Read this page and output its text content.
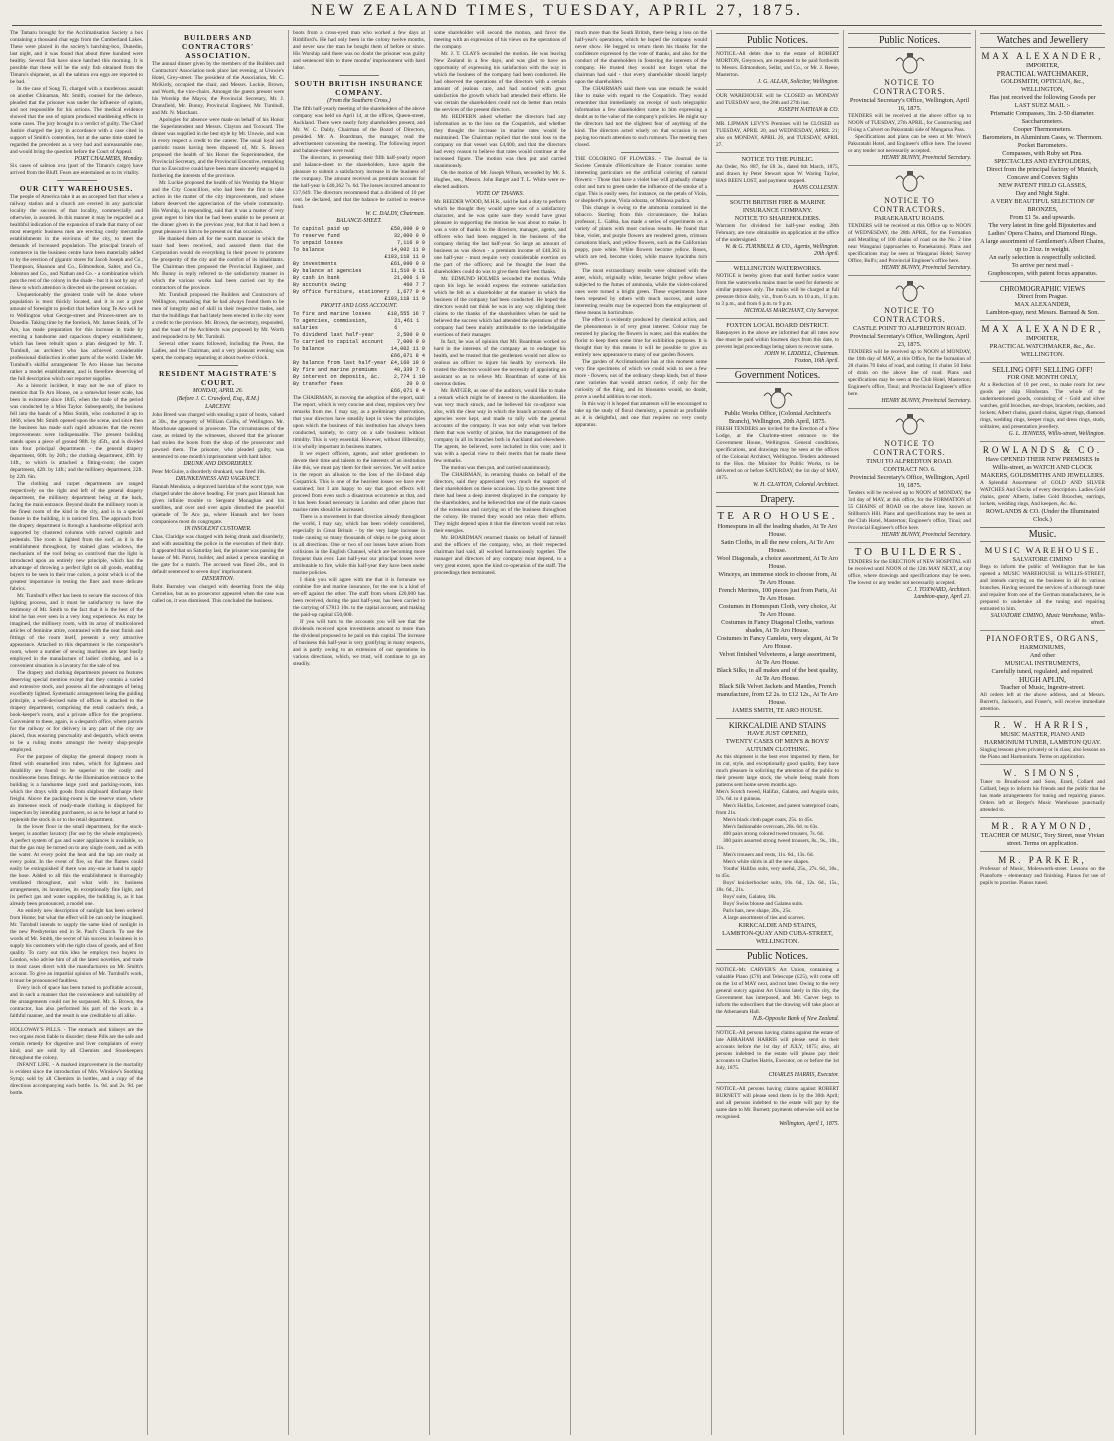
NEW ZEALAND TIMES, TUESDAY, APRIL 27, 1875.
The Tamaru brought for the Acclimatisation Society a box containing a thousand char eggs from the Cumberland Lakes. These were placed in the society's hatching-box, Dunedin, last night, and it was found that about three hundred were healthy. Several fish have since hatched this morning. It is possible that these will be the only fish obtained from the Timaru's shipment, as all the salmon ova eggs are reported to be bad.
In the case of Song Ti, charged with a murderous assault on another Chinaman, Mr. Smith, counsel for the defence, pleaded that the prisoner was under the influence of opium, and not responsible for his actions. The medical evidence showed that the use of opium produced maddening effects in some cases. The jury brought in a verdict of guilty. The Chief Justice charged the jury in accordance with a case cited in support of Smith's contention, but at the same time stated he regarded the precedent as a very bad and unreasonable one, and would bring the question before the Court of Appeal.
PORT CHALMERS, Monday.
Six cases of salmon ova (part of the Timaru's cargo) have arrived from the Bluff. Fears are entertained as to its vitality.
OUR CITY WAREHOUSES.
The people of America take it as an accepted fact that when a railway station and a church are erected in any particular locality the success of that locality, commercially and otherwise, is assured. In this manner it may be regarded as a healthful indication of the expansion of trade that many of our most energetic business men are erecting costly mercantile establishments in the environs of the city, to meet the demands of increased population. The principal branch of commerce in the business centre have been materially added to by the erection of gigantic stores for Jacob Joseph and Co., Thompson, Shannon and Co., Edmondson, Salter, and Co., Johnston and Co., and Nathan and Co. - a combination which puts the rest of the colony in the shade - but it is not by any of these to which attention is directed on the present occasion.
Unquestionably the greatest trade will be done where population is most thickly located, and it is not a great amount of foresight to predict that before long Te Aro will be to Wellington what George-street and Princes-street are to Dunedin. Taking time by the forelock, Mr. James Smith, of Te Aro, has made preparation for this increase in trade by erecting a handsome and capacious drapery establishment, which has been rebuilt upon a plan designed by Mr. T. Turnbull, an architect who has achieved considerable professional distinction in other parts of the world. Under Mr. Turnbull's skilful arrangement Te Aro House has become rather a model establishment, and is therefore deserving of the full description which our reporter supplies.
As a historic incident, it may not be out of place to mention that Te Aro House, on a somewhat lesser scale, has been in existence since 1845, when the trade of the period was conducted by a Miss Taylor. Subsequently, the business fell into the hands of a Miss Smith, who conducted it up to 1866, when Mr. Smith opened upon the scene, and since then the business has made such rapid advances that the recent improvements were indispensable. The present building stands upon a piece of ground 98ft. by 45ft., and is divided into four principal departments - the general drapery department, 60ft. by 26ft.; the clothing department, 49ft. by 14ft., to which is attached a fitting-room; the carpet department, 42ft. by 14ft.; and the millinery department, 22ft. by 22ft. 6in.
The clothing and carpet departments are ranged respectively on the right and left of the general drapery department, the millinery department being at the back, facing the main entrance. Beyond doubt the millinery room is the finest room of the kind in the city, and is in a special feature in the building, it is noticed first. The approach from the drapery department is through a handsome elliptical arch supported by clustered columns with carved capitals and pedestals. The room is lighted from the roof, as it is the establishment throughout, by stained glass windows, the mechanism of the roof being so contrived that the light is introduced upon an entirely new principle, which has the advantage of throwing a perfect light on all goods, enabling buyers to be seen in their true colors, a point which is of the greatest importance in testing the finer and more delicate fabrics.
Mr. Turnbull's effect has been to secure the success of this lighting process, and it must be satisfactory to have the testimony of Mr. Smith to the fact that it is the best of the kind he has ever seen in a very long experience. As may be imagined, the millinery room, with its array of multicolored articles of feminine attire, contrasted with the neat finish and fittings of the room itself, presents a very attractive appearance. Attached to this department is the compositor's room, where a number of sewing machines are kept busily employed in the manufacture of ladies' clothing, and in a convenient situation is a lavatory for the sale of tea.
The drapery and clothing departments present no features deserving special mention except that they contain a varied and extensive stock, and possess all the advantages of being excellently lighted. Systematic arrangement being the guiding principle, a well-devised suite of offices is attached to the drapery department, comprising the retail cashier's desk, a book-keeper's room, and a private office for the proprietor. Convenient to these, again, is a despatch office, where parcels for the railway or for delivery in any part of the city are placed, thus ensuring punctuality and despatch, which seems to be a ruling motto amongst the twenty shop-people employed.
For the purpose of display the general drapery room is fitted with enamelled iron tubes, which for lightness and durability are found to be superior to the costly and troublesome brass fittings. At the Illumination entrance to the building is a handsome large yard and packing-room, into which the drays with goods from shipboard discharge their freight. Above the packing-room is the reserve store, where an immense stock of ready-made clothing is displayed for inspection by intending purchasers, so as to be kept at hand to replenish the stock in or to the retail department.
In the lower floor in the small department, for the stock-keeper, is another lavatory (for use by the whole employees). A perfect system of gas and water appliances is available, so that the gas may be turned on to any single room, and as with the water. At every point the heat and the tap are ready at every point. In the event of fire, so that the flames could easily be extinguished if there was any-one at hand to apply the hose. Added to all this the establishment is thoroughly ventilated throughout, and what with its business arrangements, its lavatories, its exceptionally fine light, and its perfect gas and water supplies, the building is, as it has already been pronounced, a model one.
An entirely new description of sunlight has been ordered from Home; but what the effect will be can only be imagined. Mr. Turnbull intends to supply the same kind of sunlight in the new Presbyterian end in St. Paul's Church. To use the words of Mr. Smith, the secret of his success in business is to supply his customers with the right class of goods, and of first quality. To carry out this idea he employs two buyers in London, who advise him of all the latest novelties, and trade in most cases direct with the manufacturers on Mr. Smith's account. To give an impartial opinion of Mr. Turnbull's work, it must be pronounced faultless.
Every inch of space has been turned to profitable account, and in such a manner that the convenience and suitability of the arrangements could not be surpassed. Mr. S. Brown, the contractor, has also performed his part of the work in a faithful manner, and the result is one creditable to all alike.
HOLLOWAY'S PILLS. - The stomach and kidneys are the two organs most liable to disorder; these Pills are the safe and certain remedy for digestive and liver complaints of every kind, and are sold by all Chemists and Storekeepers throughout the colony.
INFANT LIFE. - A marked improvement in the mortality is evident since the introduction of Mrs. Winslow's Soothing Syrup; sold by all Chemists in bottles, and a copy of the directions accompanying each bottle. 1s. 9d. and 2s. 9d. per bottle.
BUILDERS AND CONTRACTORS' ASSOCIATION.
The annual dinner given by the members of the Builders and Contractors' Association took place last evening, at Uruwie's Hotel, Grey-street. The president of the Association, Mr. C. McKirdy, occupied the chair, and Messrs. Luckie, Brown, and Worth, the vice-chairs. Amongst the guests present were his Worship the Mayor, the Provincial Secretary, Mr. J. Dransfield, Mr. Bunny, Provincial Engineer, Mr. Turnbull, and Mr. N. Marchant.
Apologies for absence were made on behalf of his Honor the Superintendent and Messrs. Clayton and Toxward. The dinner was supplied in the best style by Mr. Uruwie, and was in every respect a credit to the caterer. The usual loyal and patriotic toasts having been disposed of, Mr. S. Brown proposed the health of his Honor the Superintendent, the Provincial Secretary, and the Provincial Executive, remarking that no Executive could have been more sincerely engaged in furthering the interests of the province.
Mr. Luckie proposed the health of his Worship the Mayor and the City Councillors, who had been the first to take action in the matter of the city improvements, and whose labors deserved the appreciation of the whole community. His Worship, in responding, said that it was a matter of very great regret to him that he had been unable to be present at the dinner given in the previous year, but that it had been a great pleasure to him to be present on that occasion.
He thanked them all for the warm manner in which the toast had been received, and assured them that the Corporation would do everything in their power to promote the prosperity of the city and the comfort of its inhabitants. The Chairman then proposed the Provincial Engineer, and Mr. Bunny in reply referred to the satisfactory manner in which the various works had been carried out by the contractors of the province.
Mr. Turnbull proposed the Builders and Contractors of Wellington, remarking that he had always found them to be men of integrity and of skill in their respective trades, and that the buildings that had lately been erected in the city were a credit to the province. Mr. Brown, the secretary, responded, and the toast of the Architects was proposed by Mr. Worth and responded to by Mr. Turnbull.
Several other toasts followed, including the Press, the Ladies, and the Chairman, and a very pleasant evening was spent, the company separating at about twelve o'clock.
RESIDENT MAGISTRATE'S COURT.
MONDAY, APRIL 26.
(Before J. C. Crawford, Esq., R.M.)
LARCENY.
John Breed was charged with stealing a pair of boots, valued at 30s., the property of William Collis, of Wellington. Mr. Moorhouse appeared to prosecute. The circumstances of the case, as related by the witnesses, showed that the prisoner had stolen the boots from the shop of the prosecutor and pawned them. The prisoner, who pleaded guilty, was sentenced to one month's imprisonment with hard labor.
DRUNK AND DISORDERLY.
Peter McGuire, a disorderly drunkard, was fined 10s.
DRUNKENNESS AND VAGRANCY.
Hannah Mendoza, a depraved harridan of the worst type, was charged under the above heading. For years past Hannah has given infinite trouble to Sergeant Monaghan and his satellites, and over and over again disturbed the peaceful quietude of Te Aro pa, where Hannah and her boon companions most do congregate.
IN INSOLENT CUSTOMER.
Chas. Claridge was charged with being drunk and disorderly, and with assaulting the police in the execution of their duty. It appeared that on Saturday last, the prisoner was passing the house of Mr. Parrot, builder, and asked a person standing at the gate for a match. The accused was fined 20s., and in default sentenced to seven days' imprisonment.
DESERTION.
Robt. Barnsley was charged with deserting from the ship Cornelius, but as no prosecutor appeared when the case was called on, it was dismissed. This concluded the business.
boots from a cross-eyed man who worked a few days at Riddiford's. He had only been in the colony twelve months, and never saw the man he bought them of before or since. His Worship said there was no doubt the prisoner was guilty and sentenced him to three months' imprisonment with hard labor.
SOUTH BRITISH INSURANCE COMPANY.
(From the Southern Cross.)
The fifth half-yearly meeting of the shareholders of the above company was held on April 14, at the offices, Queen-street, Auckland. There were nearly forty shareholders present, and Mr. W. C. Daldy, Chairman of the Board of Directors, presided. Mr. A. Boardman, the manager, read the advertisement convening the meeting. The following report and balance-sheet were read:
The directors, in presenting their fifth half-yearly report and balance-sheet to the shareholders, have again the pleasure to submit a satisfactory increase in the business of the company. The amount received as premium account for the half-year is £40,362 7s. 6d. The losses incurred amount to £17,649. The directors recommend that a dividend of 10 per cent. be declared, and that the balance be carried to reserve fund.
W. C. DALDY, Chairman.
BALANCE-SHEET.
To capital paid up	£50,000 0 0
To reserve fund	32,000 0 0
To unpaid losses	7,116 0 0
To balance	14,002 11 0
£103,118 11 0
By investments	£61,000 0 0
By balance at agencies	11,510 0 11
By cash in bank	21,006 1 8
By accounts owing	460 7 7
By office furniture, stationery 1,677 0 4
£103,118 11 0
PROFIT AND LOSS ACCOUNT.
To fire and marine losses	£18,555 16 7
To agencies, commission, salaries
21,461 1 6
To dividend last half-year	2,500 0 0
To carried to capital account	7,000 0 0
To balance	14,002 11 0
£66,071 8 4
By balance from last half-year £4,160 19 0
By fire and marine premiums	40,339 7 6
By interest on deposits, &c.	2,774 1 10
By transfer fees	20 0 0
£66,071 8 4
The CHAIRMAN, in moving the adoption of the report, said: The report, which is very concise and clear, requires very few remarks from me. I may say, as a preliminary observation, that your directors have steadily kept in view the principles upon which the business of this institution has always been conducted, namely, to carry on a safe business without timidity. This is very essential. However, without illiberality, it is wholly important in business matters.
It we expect officers, agents, and other gentlemen to devote their time and talents to the interests of an institution like this, we must pay them for their services. Yet will notice in the report an allusion to the loss of the ill-fated ship Cospatrick. This is one of the heaviest losses we have ever sustained; but I am happy to say that good effects will proceed from even such a disastrous occurrence as that, and it has been found necessary in London and other places that marine rates should be increased.
There is a movement in that direction already throughout the world, I may say, which has been widely considered, especially in Great Britain - by the very large increase in trade causing so many thousands of ships to be going about in all directions. One or two of our losses have arisen from collisions in the English Channel, which are becoming more frequent than ever. Last half-year our principal losses were attributable to fire, while this half-year they have been under marine policies.
I think you will agree with me that it is fortunate we combine fire and marine insurance, for the one is a kind of set-off against the other. The staff from whom £20,000 has been received, during the past half-year, has been carried to the carrying of £7813 10s. to the capital account, and making the paid-up capital £50,000.
If you will turn to the accounts you will see that the dividends received upon investments amount to more than the dividend proposed to be paid on this capital. The increase of business this half-year is very gratifying in many respects, and is partly owing to an extension of our operations in various directions, which, we trust, will continue to go on steadily.
some shareholder will second the motion, and favor the meeting with an expression of his views on the operations of the company.
Mr. J. T. CLAYS seconded the motion. He was leaving New Zealand in a few days, and was glad to have an opportunity of expressing his satisfaction with the way in which the business of the company had been conducted. He had observed the operations of the directors with a certain amount of jealous care, and had noticed with great satisfaction the growth which had attended their efforts. He was certain the shareholders could not do better than retain the services of the present directors.
Mr. REDFERN asked whether the directors had any information as to the loss on the Cospatrick, and whether they thought the increase in marine rates would be maintained. The Chairman replied that the total loss to the company on that vessel was £4,000, and that the directors had every reason to believe that rates would continue at the increased figure. The motion was then put and carried unanimously.
On the motion of Mr. Joseph Wilson, seconded by Mr. S. Hughes, sen., Messrs. John Batger and T. L. White were re-elected auditors.
VOTE OF THANKS.
Mr. REEDER WOOD, M.H.R., said he had a duty to perform which he thought they would agree was of a satisfactory character, and he was quite sure they would have great pleasure in supporting the motion he was about to make. It was a vote of thanks to the directors, manager, agents, and officers who had been engaged in the business of the company during the last half-year. So large an amount of business as was shown - a premium income of £40,362 in one half-year - must require very considerable exertion on the part of the officers; and he thought the least the shareholders could do was to give them their best thanks.
Mr. EDMUND HOLMES seconded the motion. While upon his legs he would express the extreme satisfaction which he felt as a shareholder at the manner in which the business of the company had been conducted. He hoped the directors would not think he was in any way slighting their claims to the thanks of the shareholders when he said he believed the success which had attended the operations of the company had been mainly attributable to the indefatigable exertions of their manager.
In fact, he was of opinion that Mr. Boardman worked so hard in the interests of the company as to endanger his health, and he trusted that the gentlemen would not allow so zealous an officer to injure his health by overwork. He trusted the directors would see the necessity of appointing an assistant so as to relieve Mr. Boardman of some of his onerous duties.
Mr. BATGER, as one of the auditors, would like to make a remark which might be of interest to the shareholders. He was very much struck, and he believed his co-adjutor was also, with the clear way in which the branch accounts of the agencies were kept, and made to tally with the general accounts of the company. It was not only what was before them that was worthy of praise, but the management of the company in all its branches both in Auckland and elsewhere. The agents, he believed, were included in this vote; and it was with a special view to their merits that he made these few remarks.
The motion was then put, and carried unanimously.
The CHAIRMAN, in returning thanks on behalf of the directors, said they appreciated very much the support of their shareholders on these occasions. Up to the present time there had been a deep interest displayed in the company by the shareholders, and he believed that one of the main causes of the extension and carrying on of the business throughout the colony. He trusted they would not relax their efforts. They might depend upon it that the directors would not relax their energies.
Mr. BOARDMAN returned thanks on behalf of himself and the officers of the company, who, as their respected chairman had said, all worked harmoniously together. The manager and directors of any company must depend, to a very great extent, upon the kind co-operation of the staff. The proceedings then terminated.
much more than the South British, there being a loss on the half-year's operations, which he hoped the company would never show. He begged to return them his thanks for the confidence expressed by the vote of thanks, and also for the conduct of the shareholders in fostering the interests of the company. He trusted they would not forget what the chairman had said - that every shareholder should largely upon the shareholders.
The CHAIRMAN said there was one remark he would like to make with regard to the Cospatrick. They would remember that immediately on receipt of such telegraphic information a few shareholders came to him expressing a doubt as to the value of the company's policies. He might say the directors had not the slightest fear of anything of the kind. The directors acted wisely on that occasion in not paying too much attention to such rumours. The meeting then closed.
THE COLORING OF FLOWERS. - The Journal de la Societe Centrale d'Horticulture de France contains some interesting particulars on the artificial coloring of natural flowers: - Those that have a violet hue will gradually change color and turn to green under the influence of the smoke of a cigar. This is easily seen, for instance, on the petals of Viola, or shepherd's purse, Viola odorata, or Mimosa pudica.
This change is owing to the ammonia contained in the tobacco. Starting from this circumstance, the Italian professor, L. Gabba, has made a series of experiments on a variety of plants with most curious results. He found that blue, violet, and purple flowers are rendered green, crimson carnations black, and yellow flowers, such as the Californian poppy, pure white. White flowers become yellow. Roses, which are red, become violet, while mauve hyacinths turn green.
The most extraordinary results were obtained with the aster, which, originally white, became bright yellow when subjected to the fumes of ammonia, while the violet-colored ones were turned a bright green. These experiments have been repeated by others with much success, and some interesting results may be expected from the employment of these means in horticulture.
The effect is evidently produced by chemical action, and the phenomenon is of very great interest. Colour may be restored by placing the flowers in water, and this enables the florist to keep them some time for exhibition purposes. It is thought that by this means it will be possible to give an entirely new appearance to many of our garden flowers.
The garden of Acclimatisation has at this moment some very fine specimens of which we could wish to see a few more - flowers, not of the ordinary cheap kinds, but of those rarer varieties that would attract notice, if only for the curiosity of the thing, and its blossoms would, no doubt, prove a useful addition to our stock.
In this way it is hoped that amateurs will be encouraged to take up the study of floral chemistry, a pursuit as profitable as it is delightful, and one that requires no very costly apparatus.
Public Notices.
NOTICE.-All debts due to the estate of ROBERT MORTON, Greytown, are requested to be paid forthwith to Messrs. Edmondson, Sellar, and Co., or Mr. J. Reese, Masterton.
J. G. ALLAN, Solicitor, Wellington.
OUR WAREHOUSE will be CLOSED on MONDAY and TUESDAY next, the 26th and 27th inst.
JOSEPH NATHAN & CO.
MR. LIPMAN LEVY'S Premises will be CLOSED on TUESDAY, APRIL 20, and WEDNESDAY, APRIL 21; also on MONDAY, APRIL 26, and TUESDAY, APRIL 27.
NOTICE TO THE PUBLIC.
An Order, No. 887, for £8 3s., dated 6th March, 1875, and drawn by Peter Stewart upon W. Waring Taylor, HAS BEEN LOST, and payment stopped.
HANS COLLESEN.
SOUTH BRITISH FIRE & MARINE INSURANCE COMPANY.
NOTICE TO SHAREHOLDERS.
Warrants for dividend for half-year ending 28th February, are now obtainable on application at the office of the undersigned.
W. & G. TURNBULL & CO., Agents, Wellington.
20th April.
WELLINGTON WATERWORKS.
NOTICE is hereby given that until further notice water from the waterworks mains must be used for domestic or similar purposes only. The mains will be charged at full pressure thrice daily, viz., from 6 a.m. to 10 a.m., 11 p.m. to 3 p.m., and from 6 p.m. to 9 p.m.
NICHOLAS MARCHANT, City Surveyor.
FOXTON LOCAL BOARD DISTRICT.
Ratepayers in the above are informed that all rates now due must be paid within fourteen days from this date, to prevent legal proceedings being taken to recover same.
JOHN W. LIDDELL, Chairman.
Foxton, 16th April.
Government Notices.
Public Works Office, (Colonial Architect's Branch), Wellington, 20th April, 1875.
FRESH TENDERS are invited for the Erection of a New Lodge, at the Charlotte-street entrance to the Government House, Wellington. General conditions, specifications, and drawings may be seen at the offices of the Colonial Architect, Wellington. Tenders addressed to the Hon. the Minister for Public Works, to be delivered on or before SATURDAY, the 1st day of MAY, 1875.
W. H. CLAYTON, Colonial Architect.
Drapery.
TE ARO HOUSE.
Homespuns in all the leading shades, At Te Aro House.
Satin Cloths, in all the new colors, At Te Aro House.
Wool Diagonals, a choice assortment, At Te Aro House.
Winceys, an immense stock to choose from, At Te Aro House.
French Merinos, 100 pieces just from Paris, At Te Aro House.
Costumes in Homespun Cloth, very choice, At Te Aro House.
Costumes in Fancy Diagonal Cloths, various shades, At Te Aro House.
Costumes in Fancy Camlets, very elegant, At Te Aro House.
Velvet finished Velveteens, a large assortment, At Te Aro House.
Black Silks, in all makes and of the best quality, At Te Aro House.
Black Silk Velvet Jackets and Mantles, French manufacture, from £2 2s. to £12 12s., At Te Aro House.
JAMES SMITH, TE ARO HOUSE.
KIRKCALDIE AND STAINS
HAVE JUST OPENED,
TWENTY CASES OF MEN'S & BOYS' AUTUMN CLOTHING.
As this shipment is the best ever imported by them, for its cut, style, and exceptionally good quality, they have much pleasure in soliciting the attention of the public to their present large stock, the whole being made from patterns sent home seven months ago.
Men's Scotch tweed, Halifax, Galatea, and Angola suits, 37s. 6d. to 4 guineas.
Men's Halifax, Leicester, and patent waterproof coats, from 21s.
Men's black cloth paget coats, 25s. to 45s.
Men's fashionable overcoats, 28s. 6d. to 63s.
400 pairs strong colored tweed trousers, 7s. 6d.
300 pairs assorted strong tweed trousers, 8s., 9s., 10s., 11s.
Men's trousers and vests, 11s. 6d., 13s. 6d.
Men's white shirts in all the new shapes.
Youths' Halifax suits, very useful, 25s., 27s. 6d., 30s., to 45s.
Boys' knickerbocker suits, 10s. 6d., 12s. 6d., 15s., 18s. 6d., 21s.
Boys' suits, Galatea, 18s.
Boys' Swiss blouse and Galatea suits.
Paris hats, new shape, 20s., 25s.
A large assortment of ties and scarves.
KIRKCALDIE AND STAINS,
LAMBTON-QUAY AND CUBA-STREET, WELLINGTON.
Public Notices.
NOTICE.-Mr. CARVER'S Art Union, containing a valuable Piano (£70) and Telescope (£25), will come off on the 1st of MAY next, and not later. Owing to the very general outcry against Art Unions lately in this city, the Government has interposed, and Mr. Carver begs to inform the subscribers that the drawing will take place at the Athenaeum Hall.
N.B.-Opposite Bank of New Zealand.
NOTICE.-All persons having claims against the estate of late ABRAHAM HARRIS will please send in their accounts before the 1st day of JULY, 1875; also, all persons indebted to the estate will please pay their accounts to Charles Harris, Executor, on or before the 1st July, 1875.
CHARLES HARRIS, Executor.
NOTICE.-All persons having claims against ROBERT BURNETT will please send them in by the 30th April; and all persons indebted to the estate will pay by the same date to Mr. Burnett; payments otherwise will not be recognised.
Wellington, April 1, 1875.
Public Notices.
NOTICE TO CONTRACTORS.
Provincial Secretary's Office, Wellington, April 16, 1875.
TENDERS will be received at the above office up to NOON of TUESDAY, 27th APRIL, for Constructing and Fixing a Culvert on Pakuratahi side of Mungaroa Pass.
Specifications and plans can be seen at Mr. Wren's Pakuratahi Hotel, and Engineer's office here. The lowest or any tender not necessarily accepted.
HENRY BUNNY, Provincial Secretary.
NOTICE TO CONTRACTORS.
PARAEKARATU ROADS.
TENDERS will be received at this Office up to NOON of WEDNESDAY, the 28th APRIL, for the Formation and Metalling of 100 chains of road on the No. 2 line near Wanganui (approaches to Paraekaratu). Plans and specifications may be seen at Wanganui Hotel; Survey Office, Bull's; and Provincial Engineer's office here.
HENRY BUNNY, Provincial Secretary.
NOTICE TO CONTRACTORS.
CASTLE POINT TO ALFREDTON ROAD.
Provincial Secretary's Office, Wellington, April 23, 1875.
TENDERS will be received up to NOON of MONDAY, the 10th day of MAY, at this Office, for the formation of 28 chains 70 links of road, and cutting 11 chains 50 links of drain on the above line of road. Plans and specifications may be seen at the Club Hotel, Masterton; Engineer's office, Tinui; and Provincial Engineer's office here.
HENRY BUNNY, Provincial Secretary.
NOTICE TO CONTRACTORS.
TINUI TO ALFREDTON ROAD.
CONTRACT NO. 6.
Provincial Secretary's Office, Wellington, April 19, 1875.
Tenders will be received up to NOON of MONDAY, the 3rd day of MAY, at this office, for the FORMATION of 55 CHAINS of ROAD on the above line, known as Stillborn's Hill. Plans and specifications may be seen at the Club Hotel, Masterton; Engineer's office, Tinui; and Provincial Engineer's office here.
HENRY BUNNY, Provincial Secretary.
TO BUILDERS.
TENDERS for the ERECTION of NEW HOSPITAL will be received until NOON of the 12th MAY NEXT, at my office, where drawings and specifications may be seen. The lowest or any tender not necessarily accepted.
C. J. TOXWARD, Architect.
Lambton-quay, April 21.
Watches and Jewellery
MAX ALEXANDER,
IMPORTER,
PRACTICAL WATCHMAKER,
GOLDSMITH, OPTICIAN, &c.,
WELLINGTON,
Has just received the following Goods per
LAST SUEZ MAIL :-
Prismatic Compasses, 3in. 2-50 diameter.
Saccharometers.
Cooper Thermometers.
Barometers, in Aluminium Cases, w. Thermom.
Pocket Barometers.
Compasses, with Ruby set Pins.
SPECTACLES AND EYEFOLDERS,
Direct from the principal factory of Munich,
Concave and Convex Sights
NEW PATENT FIELD GLASSES,
Day and Night Sight.
A VERY BEAUTIFUL SELECTION OF BRONZES,
From £1 5s. and upwards.
The very latest in fine gold Bijouteries and Ladies' Opera Chains, and Diamond Rings.
A large assortment of Gentlemen's Albert Chains, up to 21oz. in weight.
An early selection is respectfully solicited.
To arrive per next mail -
Graphoscopes, with patent focus apparatus.
CHROMOGRAPHIC VIEWS
Direct from Prague.
MAX ALEXANDER,
Lambton-quay, next Messrs. Barraud & Son.
MAX ALEXANDER,
IMPORTER,
PRACTICAL WATCHMAKER, &c., &c.
WELLINGTON.
SELLING OFF! SELLING OFF!
FOR ONE MONTH ONLY,
At a Reduction of 10 per cent., to make room for new goods per ship Hindostan. The whole of the undermentioned goods, consisting of - Gold and silver watches, gold brooches, ear-drops, bracelets, necklets, and lockets; Albert chains, guard chains, signet rings, diamond rings, wedding rings, keeper rings, and dress rings, studs, solitaires, and presentation jewellery.
G. L. JENNESS, Willis-street, Wellington.
ROWLANDS & CO.
Have OPENED THEIR NEW PREMISES In Willis-street, as WATCH AND CLOCK MAKERS, GOLDSMITHS AND JEWELLERS.
A Splendid Assortment of GOLD AND SILVER WATCHES And Clocks of every description. Ladies Gold chains, gents' Alberts, ladies Gold Brooches, earrings, lockets, wedding rings, And keepers, &c. &c.
ROWLANDS & CO. (Under the Illuminated Clock.)
Music.
MUSIC WAREHOUSE.
SALVATORE CIMINO
Begs to inform the public of Wellington that he has opened a MUSIC WAREHOUSE in WILLIS-STREET, and intends carrying on the business in all its various branches. Having secured the services of a thorough tuner and repairer from one of the German manufacturers, he is prepared to undertake all the tuning and repairing entrusted to him.
SALVATORE CIMINO, Music Warehouse, Willis-street.
PIANOFORTES, ORGANS,
HARMONIUMS,
And other
MUSICAL INSTRUMENTS,
Carefully tuned, regulated, and repaired.
HUGH APLIN,
Teacher of Music, Ingestre-street.
All orders left at the above address, and at Messrs. Burrett's, Jackson's, and Fraser's, will receive immediate attention.
R. W. HARRIS,
MUSIC MASTER, PIANO AND HARMONIUM TUNER, LAMBTON QUAY.
Singing lessons given privately or in class; also lessons on the Piano and Harmonium. Terms on application.
W. SIMONS,
Tuner to Broadwood and Sons, Erard, Collard and Collard, begs to inform his friends and the public that he has made arrangements for tuning and repairing pianos. Orders left at Berger's Music Warehouse punctually attended to.
MR. RAYMOND,
TEACHER OF MUSIC, Tory Street, near Vivian street. Terms on application.
MR. PARKER,
Professor of Music, Molesworth-street. Lessons on the Pianoforte - elementary and finishing. Pianos for use of pupils to practise. Pianos tuned.
